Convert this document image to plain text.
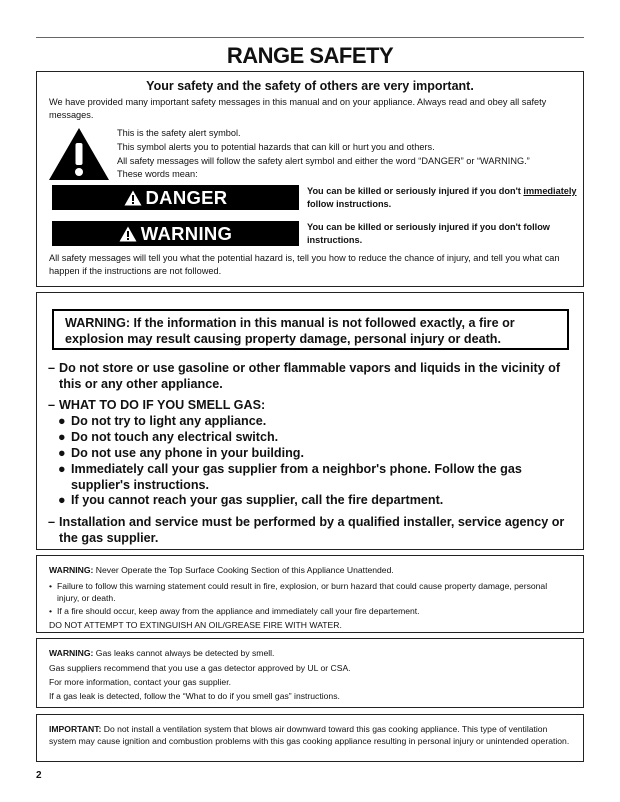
RANGE SAFETY
Your safety and the safety of others are very important.
We have provided many important safety messages in this manual and on your appliance. Always read and obey all safety messages.
This is the safety alert symbol.
This symbol alerts you to potential hazards that can kill or hurt you and others.
All safety messages will follow the safety alert symbol and either the word “DANGER” or “WARNING.”
These words mean:
DANGER	You can be killed or seriously injured if you don't immediately follow instructions.
WARNING	You can be killed or seriously injured if you don't follow instructions.
All safety messages will tell you what the potential hazard is, tell you how to reduce the chance of injury, and tell you what can happen if the instructions are not followed.
WARNING: If the information in this manual is not followed exactly, a fire or explosion may result causing property damage, personal injury or death.
– Do not store or use gasoline or other flammable vapors and liquids in the vicinity of this or any other appliance.
– WHAT TO DO IF YOU SMELL GAS:
● Do not try to light any appliance.
● Do not touch any electrical switch.
● Do not use any phone in your building.
● Immediately call your gas supplier from a neighbor's phone. Follow the gas supplier's instructions.
● If you cannot reach your gas supplier, call the fire department.
– Installation and service must be performed by a qualified installer, service agency or the gas supplier.
WARNING: Never Operate the Top Surface Cooking Section of this Appliance Unattended.
• Failure to follow this warning statement could result in fire, explosion, or burn hazard that could cause property damage, personal injury, or death.
• If a fire should occur, keep away from the appliance and immediately call your fire departement.
DO NOT ATTEMPT TO EXTINGUISH AN OIL/GREASE FIRE WITH WATER.
WARNING: Gas leaks cannot always be detected by smell.
Gas suppliers recommend that you use a gas detector approved by UL or CSA.
For more information, contact your gas supplier.
If a gas leak is detected, follow the “What to do if you smell gas” instructions.
IMPORTANT: Do not install a ventilation system that blows air downward toward this gas cooking appliance. This type of ventilation system may cause ignition and combustion problems with this gas cooking appliance resulting in personal injury or unintended operation.
2
